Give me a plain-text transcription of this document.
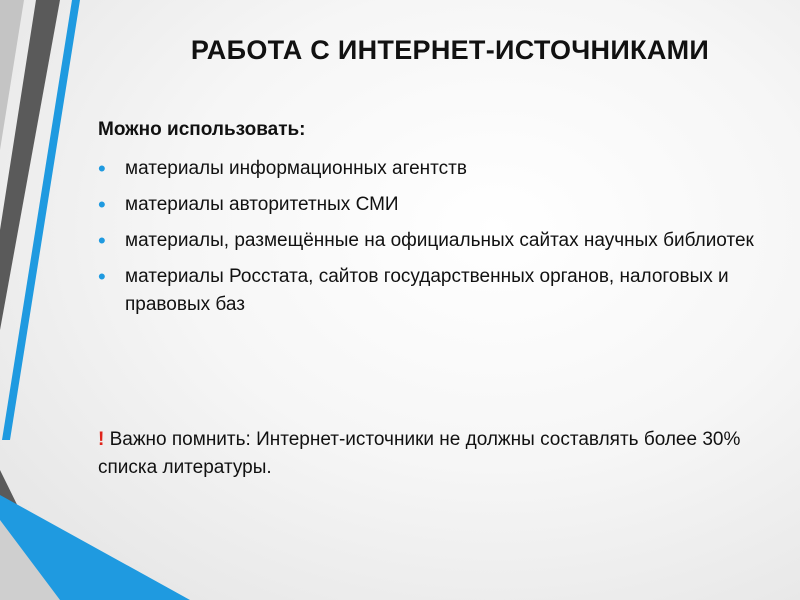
РАБОТА С ИНТЕРНЕТ-ИСТОЧНИКАМИ
Можно использовать:
• материалы информационных агентств
• материалы авторитетных СМИ
• материалы, размещённые на официальных сайтах научных библиотек
• материалы Росстата, сайтов государственных органов, налоговых и правовых баз

! Важно помнить: Интернет-источники не должны составлять более 30% списка литературы.
